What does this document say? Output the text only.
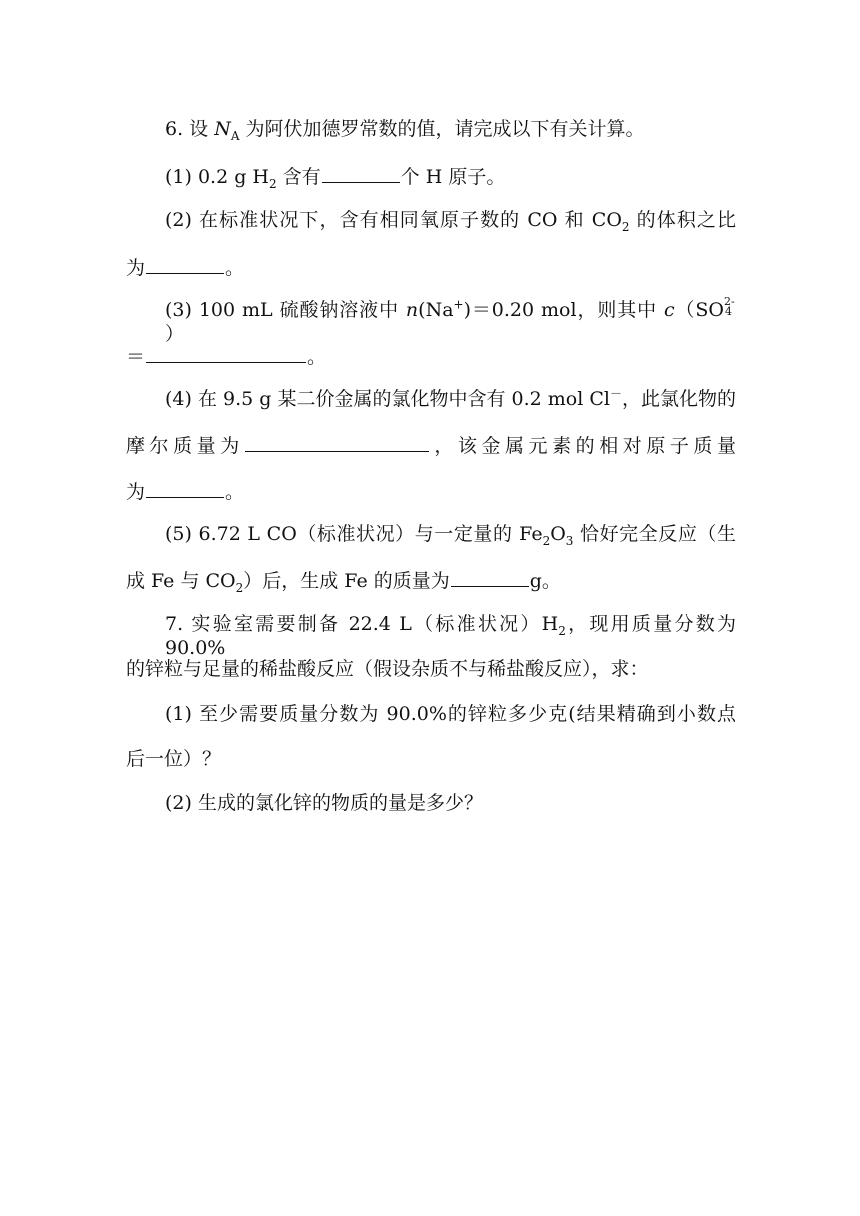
6. 设 $N_A$ 为阿伏加德罗常数的值，请完成以下有关计算。
(1) 0.2 g $H_2$ 含有	个 H 原子。
(2) 在标准状况下，含有相同氧原子数的 CO 和 $CO_2$ 的体积之比
为	。
(3) 100 mL 硫酸钠溶液中 n(Na+)＝0.20 mol，则其中 c（SO 2-
4
）
＝	。
(4) 在 9.5 g 某二价金属的氯化物中含有 0.2 mol Cl－，此氯化物的
摩尔质量为	，该金属元素的相对原子质量
为	。
(5) 6.72 L CO（标准状况）与一定量的 $Fe_2O_3$ 恰好完全反应（生
成 Fe 与 $CO_2$）后，生成 Fe 的质量为	g。
7. 实验室需要制备 22.4 L（标准状况）$H_2$，现用质量分数为 90.0%
的锌粒与足量的稀盐酸反应（假设杂质不与稀盐酸反应），求：
(1) 至少需要质量分数为 90.0%的锌粒多少克(结果精确到小数点
后一位）？
(2) 生成的氯化锌的物质的量是多少？
